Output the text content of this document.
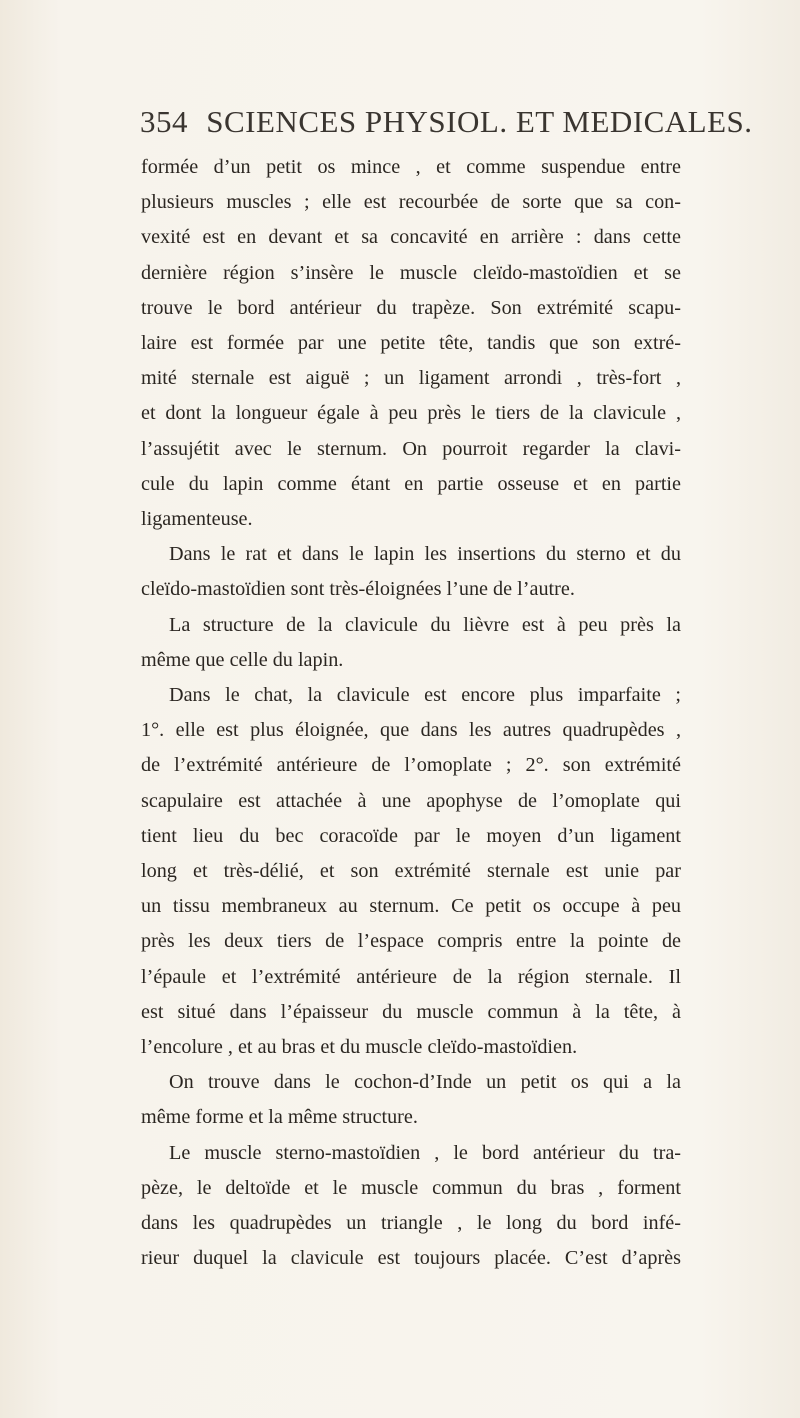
354 SCIENCES PHYSIOL. ET MEDICALES.
formée d’un petit os mince , et comme suspendue entre
plusieurs muscles ; elle est recourbée de sorte que sa con-
vexité est en devant et sa concavité en arrière : dans cette
dernière région s’insère le muscle cleïdo-mastoïdien et se
trouve le bord antérieur du trapèze. Son extrémité scapu-
laire est formée par une petite tête, tandis que son extré-
mité sternale est aiguë ; un ligament arrondi , très-fort ,
et dont la longueur égale à peu près le tiers de la clavicule ,
l’assujétit avec le sternum. On pourroit regarder la clavi-
cule du lapin comme étant en partie osseuse et en partie
ligamenteuse.
Dans le rat et dans le lapin les insertions du sterno et du
cleïdo-mastoïdien sont très-éloignées l’une de l’autre.
La structure de la clavicule du lièvre est à peu près la
même que celle du lapin.
Dans le chat, la clavicule est encore plus imparfaite ;
1°. elle est plus éloignée, que dans les autres quadrupèdes ,
de l’extrémité antérieure de l’omoplate ; 2°. son extrémité
scapulaire est attachée à une apophyse de l’omoplate qui
tient lieu du bec coracoïde par le moyen d’un ligament
long et très-délié, et son extrémité sternale est unie par
un tissu membraneux au sternum. Ce petit os occupe à peu
près les deux tiers de l’espace compris entre la pointe de
l’épaule et l’extrémité antérieure de la région sternale. Il
est situé dans l’épaisseur du muscle commun à la tête, à
l’encolure , et au bras et du muscle cleïdo-mastoïdien.
On trouve dans le cochon-d’Inde un petit os qui a la
même forme et la même structure.
Le muscle sterno-mastoïdien , le bord antérieur du tra-
pèze, le deltoïde et le muscle commun du bras , forment
dans les quadrupèdes un triangle , le long du bord infé-
rieur duquel la clavicule est toujours placée. C’est d’après
